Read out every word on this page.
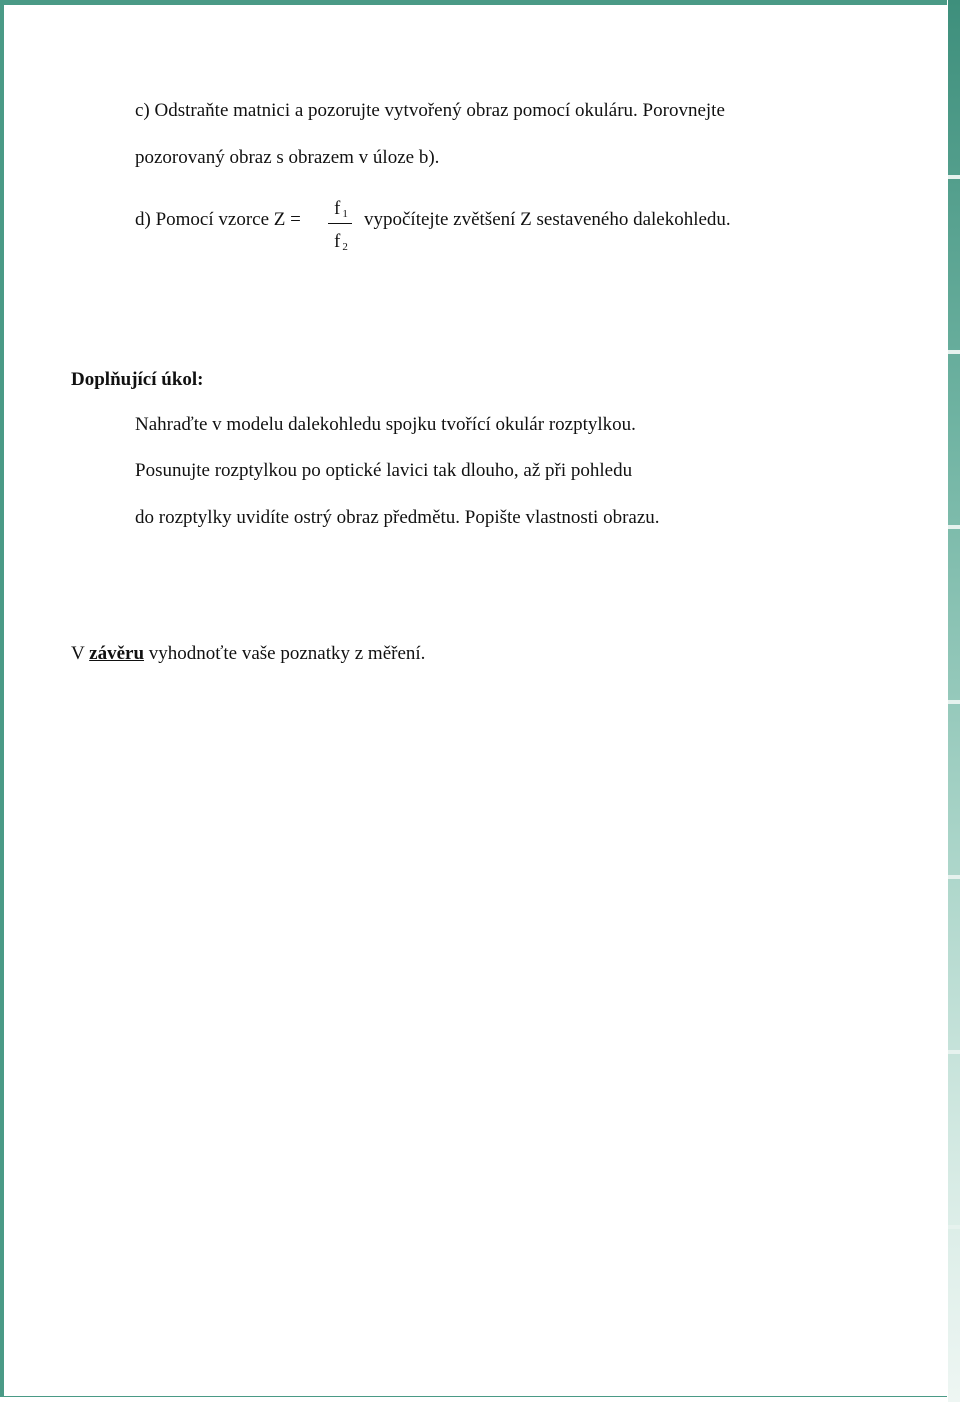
c) Odstraňte matnici a pozorujte vytvořený obraz pomocí okuláru. Porovnejte
pozorovaný obraz s obrazem v úloze b).
d) Pomocí vzorce Z =
f $_1$
f $_2$
vypočítejte zvětšení Z sestaveného dalekohledu.
Doplňující úkol:
Nahraďte v modelu dalekohledu spojku tvořící okulár rozptylkou.
Posunujte rozptylkou po optické lavici tak dlouho, až při pohledu
do rozptylky uvidíte ostrý obraz předmětu. Popište vlastnosti obrazu.
V závěru vyhodnoťte vaše poznatky z měření.
